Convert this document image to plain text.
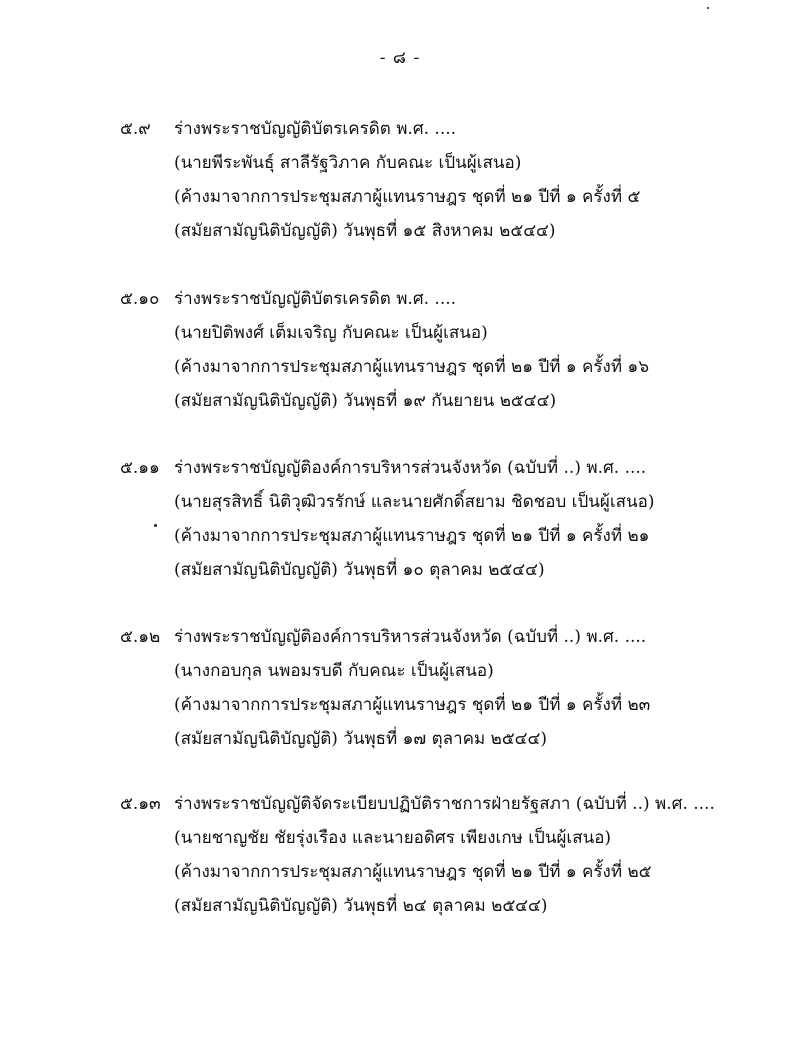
- ๘ -
๕.๙ ร่างพระราชบัญญัติบัตรเครดิต พ.ศ. ....
(นายพีระพันธุ์ สาลีรัฐวิภาค กับคณะ เป็นผู้เสนอ)
(ค้างมาจากการประชุมสภาผู้แทนราษฎร ชุดที่ ๒๑ ปีที่ ๑ ครั้งที่ ๕
(สมัยสามัญนิติบัญญัติ) วันพุธที่ ๑๕ สิงหาคม ๒๕๔๔)
๕.๑๐ ร่างพระราชบัญญัติบัตรเครดิต พ.ศ. ....
(นายปิติพงศ์ เต็มเจริญ กับคณะ เป็นผู้เสนอ)
(ค้างมาจากการประชุมสภาผู้แทนราษฎร ชุดที่ ๒๑ ปีที่ ๑ ครั้งที่ ๑๖
(สมัยสามัญนิติบัญญัติ) วันพุธที่ ๑๙ กันยายน ๒๕๔๔)
๕.๑๑ ร่างพระราชบัญญัติองค์การบริหารส่วนจังหวัด (ฉบับที่ ..) พ.ศ. ....
(นายสุรสิทธิ์ นิติวุฒิวรรักษ์ และนายศักดิ์สยาม ชิดชอบ เป็นผู้เสนอ)
(ค้างมาจากการประชุมสภาผู้แทนราษฎร ชุดที่ ๒๑ ปีที่ ๑ ครั้งที่ ๒๑
(สมัยสามัญนิติบัญญัติ) วันพุธที่ ๑๐ ตุลาคม ๒๕๔๔)
๕.๑๒ ร่างพระราชบัญญัติองค์การบริหารส่วนจังหวัด (ฉบับที่ ..) พ.ศ. ....
(นางกอบกุล นพอมรบดี กับคณะ เป็นผู้เสนอ)
(ค้างมาจากการประชุมสภาผู้แทนราษฎร ชุดที่ ๒๑ ปีที่ ๑ ครั้งที่ ๒๓
(สมัยสามัญนิติบัญญัติ) วันพุธที่ ๑๗ ตุลาคม ๒๕๔๔)
๕.๑๓ ร่างพระราชบัญญัติจัดระเบียบปฏิบัติราชการฝ่ายรัฐสภา (ฉบับที่ ..) พ.ศ. ....
(นายชาญชัย ชัยรุ่งเรือง และนายอดิศร เพียงเกษ เป็นผู้เสนอ)
(ค้างมาจากการประชุมสภาผู้แทนราษฎร ชุดที่ ๒๑ ปีที่ ๑ ครั้งที่ ๒๕
(สมัยสามัญนิติบัญญัติ) วันพุธที่ ๒๔ ตุลาคม ๒๕๔๔)
